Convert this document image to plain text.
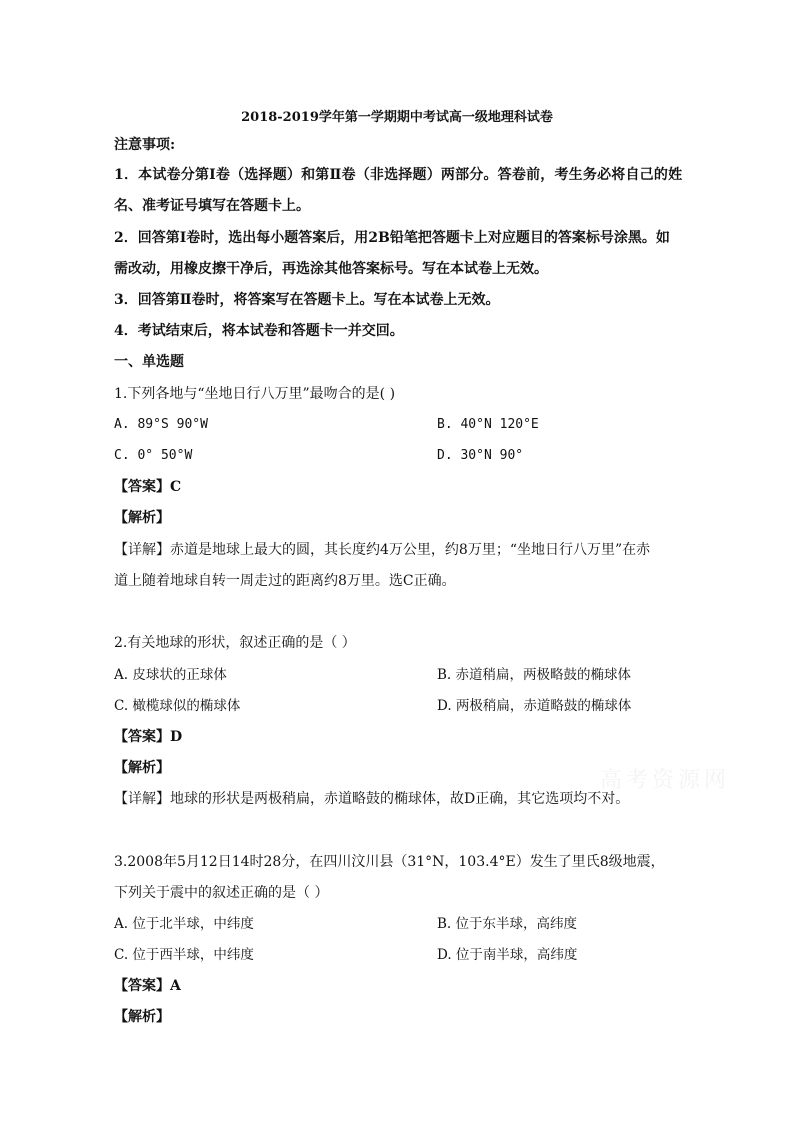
2018-2019学年第一学期期中考试高一级地理科试卷
注意事项:
1．本试卷分第Ⅰ卷（选择题）和第Ⅱ卷（非选择题）两部分。答卷前，考生务必将自己的姓
名、准考证号填写在答题卡上。
2．回答第Ⅰ卷时，选出每小题答案后，用2B铅笔把答题卡上对应题目的答案标号涂黑。如
需改动，用橡皮擦干净后，再选涂其他答案标号。写在本试卷上无效。
3．回答第Ⅱ卷时，将答案写在答题卡上。写在本试卷上无效。
4．考试结束后，将本试卷和答题卡一并交回。
一、单选题
1.下列各地与“坐地日行八万里”最吻合的是( )
A. 89°S 90°W	B. 40°N 120°E
C. 0° 50°W	D. 30°N 90°
【答案】C
【解析】
【详解】赤道是地球上最大的圆，其长度约4万公里，约8万里；“坐地日行八万里”在赤
道上随着地球自转一周走过的距离约8万里。选C正确。
2.有关地球的形状，叙述正确的是（ ）
A. 皮球状的正球体	B. 赤道稍扁，两极略鼓的椭球体
C. 橄榄球似的椭球体	D. 两极稍扁，赤道略鼓的椭球体
【答案】D
【解析】
【详解】地球的形状是两极稍扁，赤道略鼓的椭球体，故D正确，其它选项均不对。
高考资源网
3.2008年5月12日14时28分，在四川汶川县（31°N，103.4°E）发生了里氏8级地震，
下列关于震中的叙述正确的是（ ）
A. 位于北半球，中纬度	B. 位于东半球，高纬度
C. 位于西半球，中纬度	D. 位于南半球，高纬度
【答案】A
【解析】
